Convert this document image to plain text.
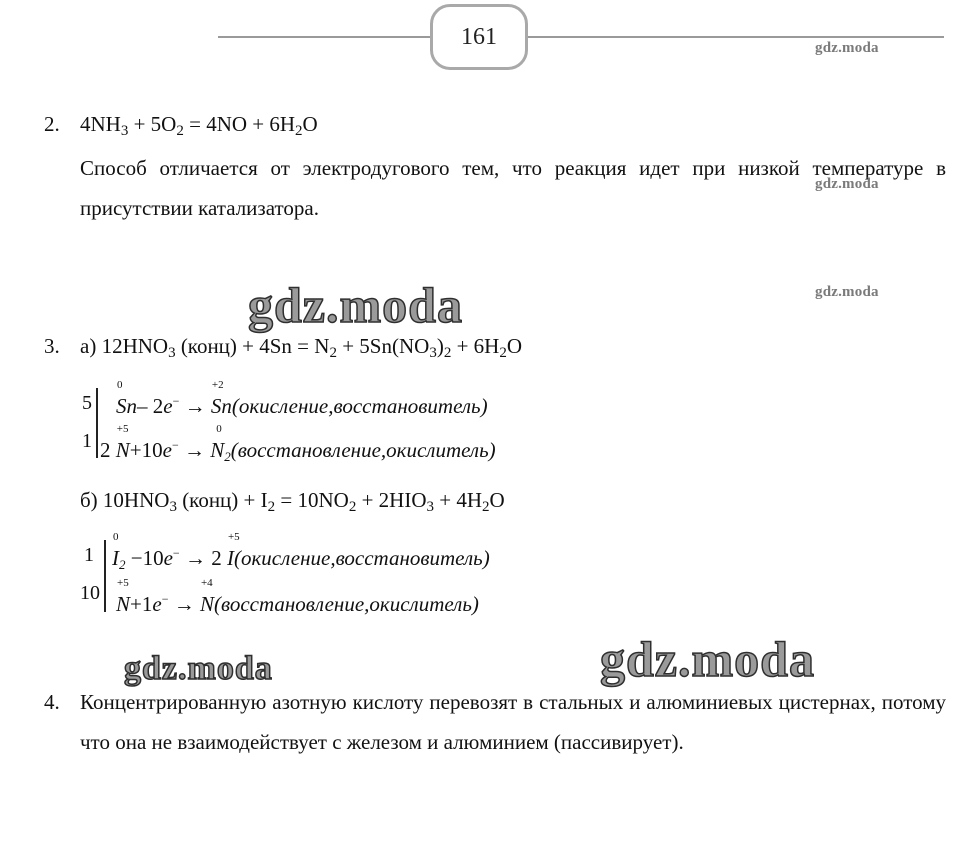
161	gdz.moda
2. $4NH_3 + 5O_2 = 4NO + 6H_2O$
Способ отличается от электродугового тем, что реакция идет при низкой температуре в присутствии катализатора.
gdz.moda
gdz.moda	gdz.moda
3. а) $12HNO_3$ (конц) + $4Sn = N_2 + 5Sn(NO_3)_2 + 6H_2O$
5
1
Sn
0
– 2e− → Sn
+2
(окисление,восстановитель)
2 N
+5
+10e− → N
0
$_2$(восстановление,окислитель)
б) $10HNO_3$ (конц) + $I_2 = 10NO_2 + 2HIO_3 + 4H_2O$
1
10
I
0
$_2$ −10e− → 2 I
+5
(окисление,восстановитель)
N
+5
+1e− → N
+4
(восстановление,окислитель)
gdz.moda	gdz.moda
4. Концентрированную азотную кислоту перевозят в стальных и алюминиевых цистернах, потому что она не взаимодействует с железом и алюминием (пассивирует).
